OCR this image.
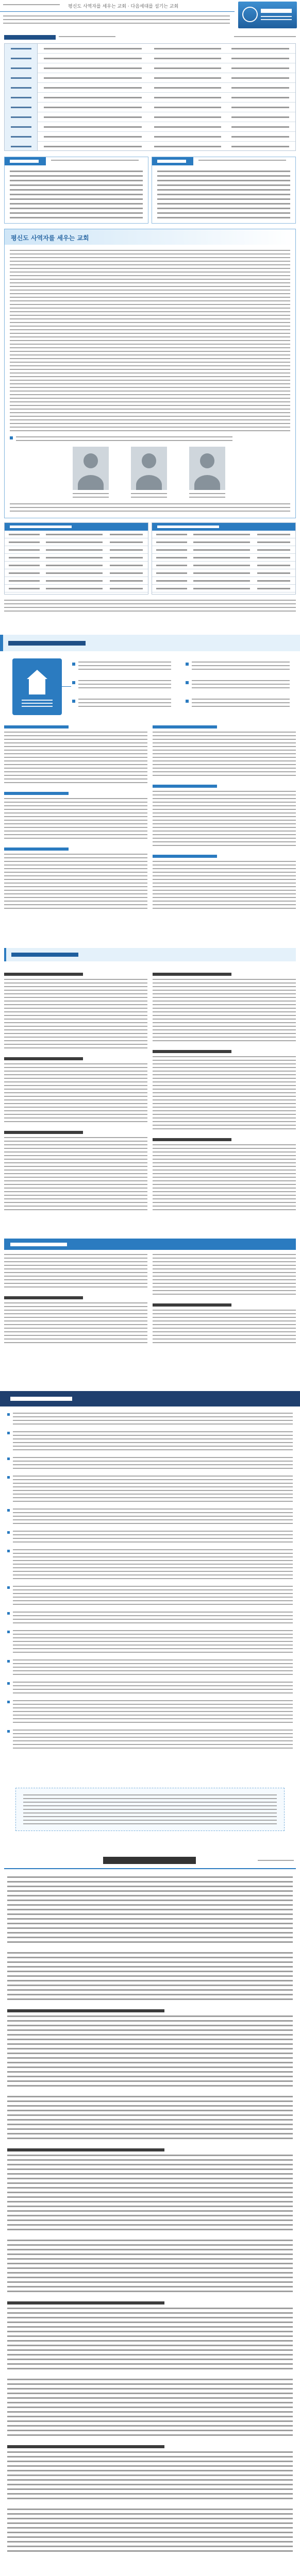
평신도 사역자를 세우는 교회 · 다음세대를 섬기는 교회
평신도 사역자를 세우는 교회
